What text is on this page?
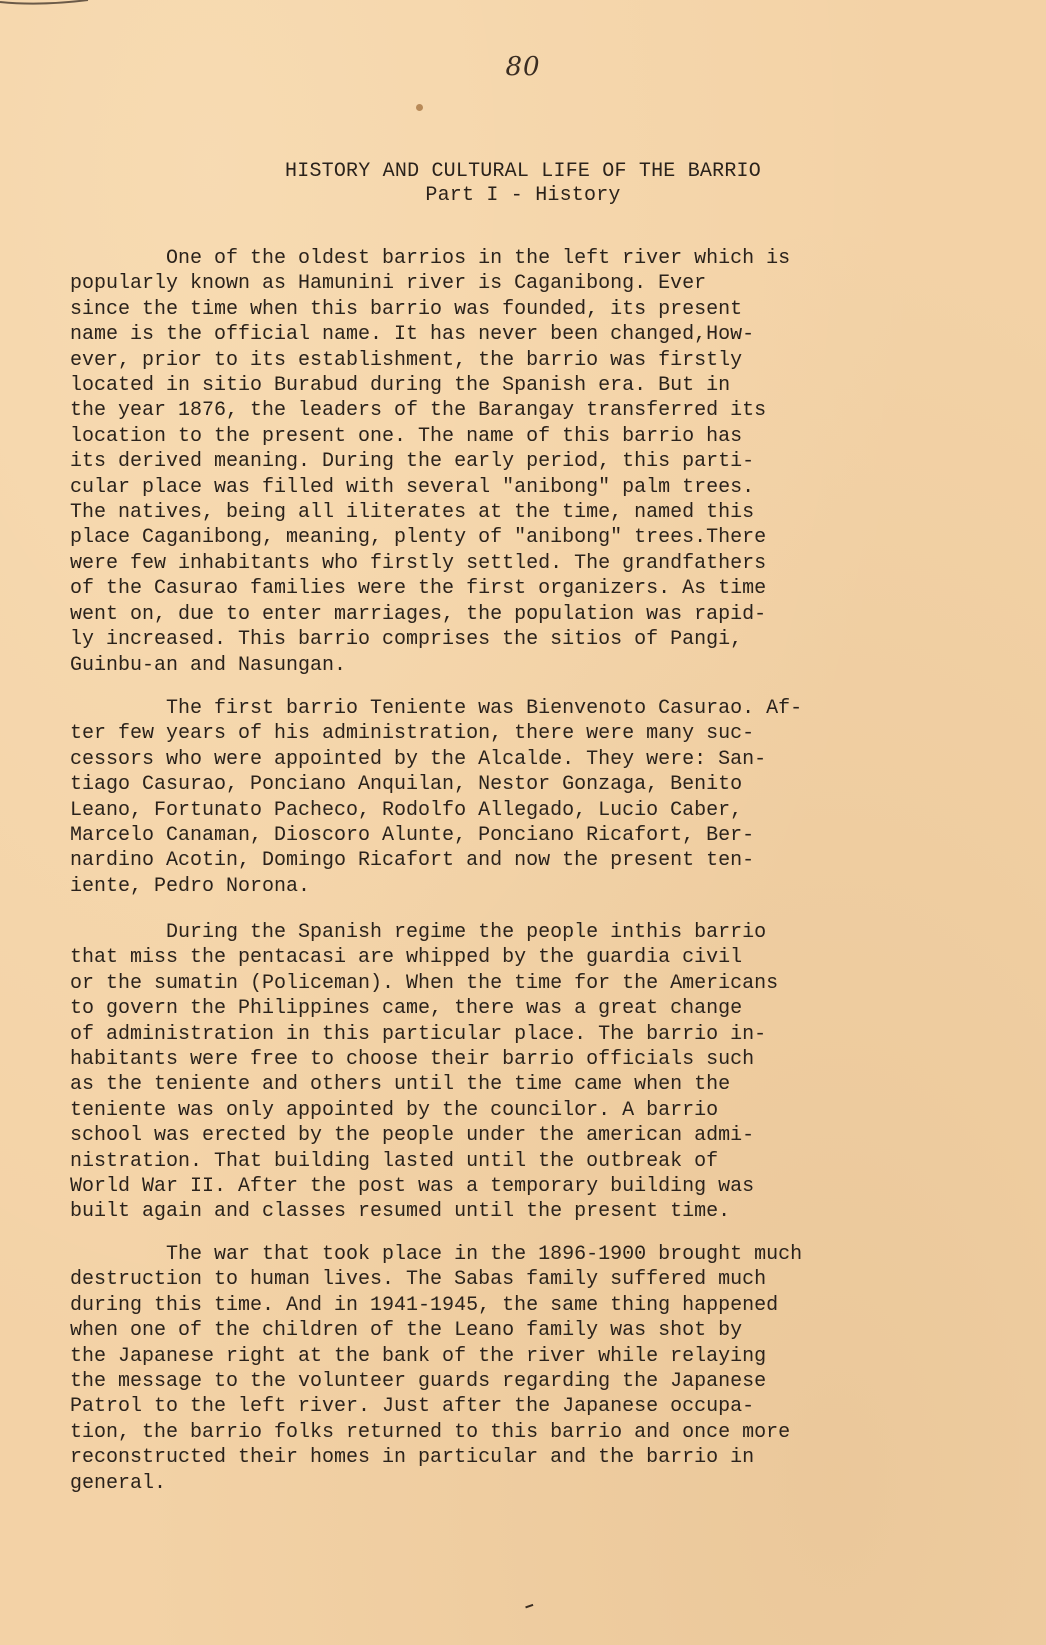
80
HISTORY AND CULTURAL LIFE OF THE BARRIO
Part I - History
One of the oldest barrios in the left river which is
popularly known as Hamunini river is Caganibong. Ever
since the time when this barrio was founded, its present
name is the official name. It has never been changed,How-
ever, prior to its establishment, the barrio was firstly
located in sitio Burabud during the Spanish era. But in
the year 1876, the leaders of the Barangay transferred its
location to the present one. The name of this barrio has
its derived meaning. During the early period, this parti-
cular place was filled with several "anibong" palm trees.
The natives, being all iliterates at the time, named this
place Caganibong, meaning, plenty of "anibong" trees.There
were few inhabitants who firstly settled. The grandfathers
of the Casurao families were the first organizers. As time
went on, due to enter marriages, the population was rapid-
ly increased. This barrio comprises the sitios of Pangi,
Guinbu-an and Nasungan.
The first barrio Teniente was Bienvenoto Casurao. Af-
ter few years of his administration, there were many suc-
cessors who were appointed by the Alcalde. They were: San-
tiago Casurao, Ponciano Anquilan, Nestor Gonzaga, Benito
Leano, Fortunato Pacheco, Rodolfo Allegado, Lucio Caber,
Marcelo Canaman, Dioscoro Alunte, Ponciano Ricafort, Ber-
nardino Acotin, Domingo Ricafort and now the present ten-
iente, Pedro Norona.
During the Spanish regime the people inthis barrio
that miss the pentacasi are whipped by the guardia civil
or the sumatin (Policeman). When the time for the Americans
to govern the Philippines came, there was a great change
of administration in this particular place. The barrio in-
habitants were free to choose their barrio officials such
as the teniente and others until the time came when the
teniente was only appointed by the councilor. A barrio
school was erected by the people under the american admi-
nistration. That building lasted until the outbreak of
World War II. After the post was a temporary building was
built again and classes resumed until the present time.
The war that took place in the 1896-1900 brought much
destruction to human lives. The Sabas family suffered much
during this time. And in 1941-1945, the same thing happened
when one of the children of the Leano family was shot by
the Japanese right at the bank of the river while relaying
the message to the volunteer guards regarding the Japanese
Patrol to the left river. Just after the Japanese occupa-
tion, the barrio folks returned to this barrio and once more
reconstructed their homes in particular and the barrio in
general.
